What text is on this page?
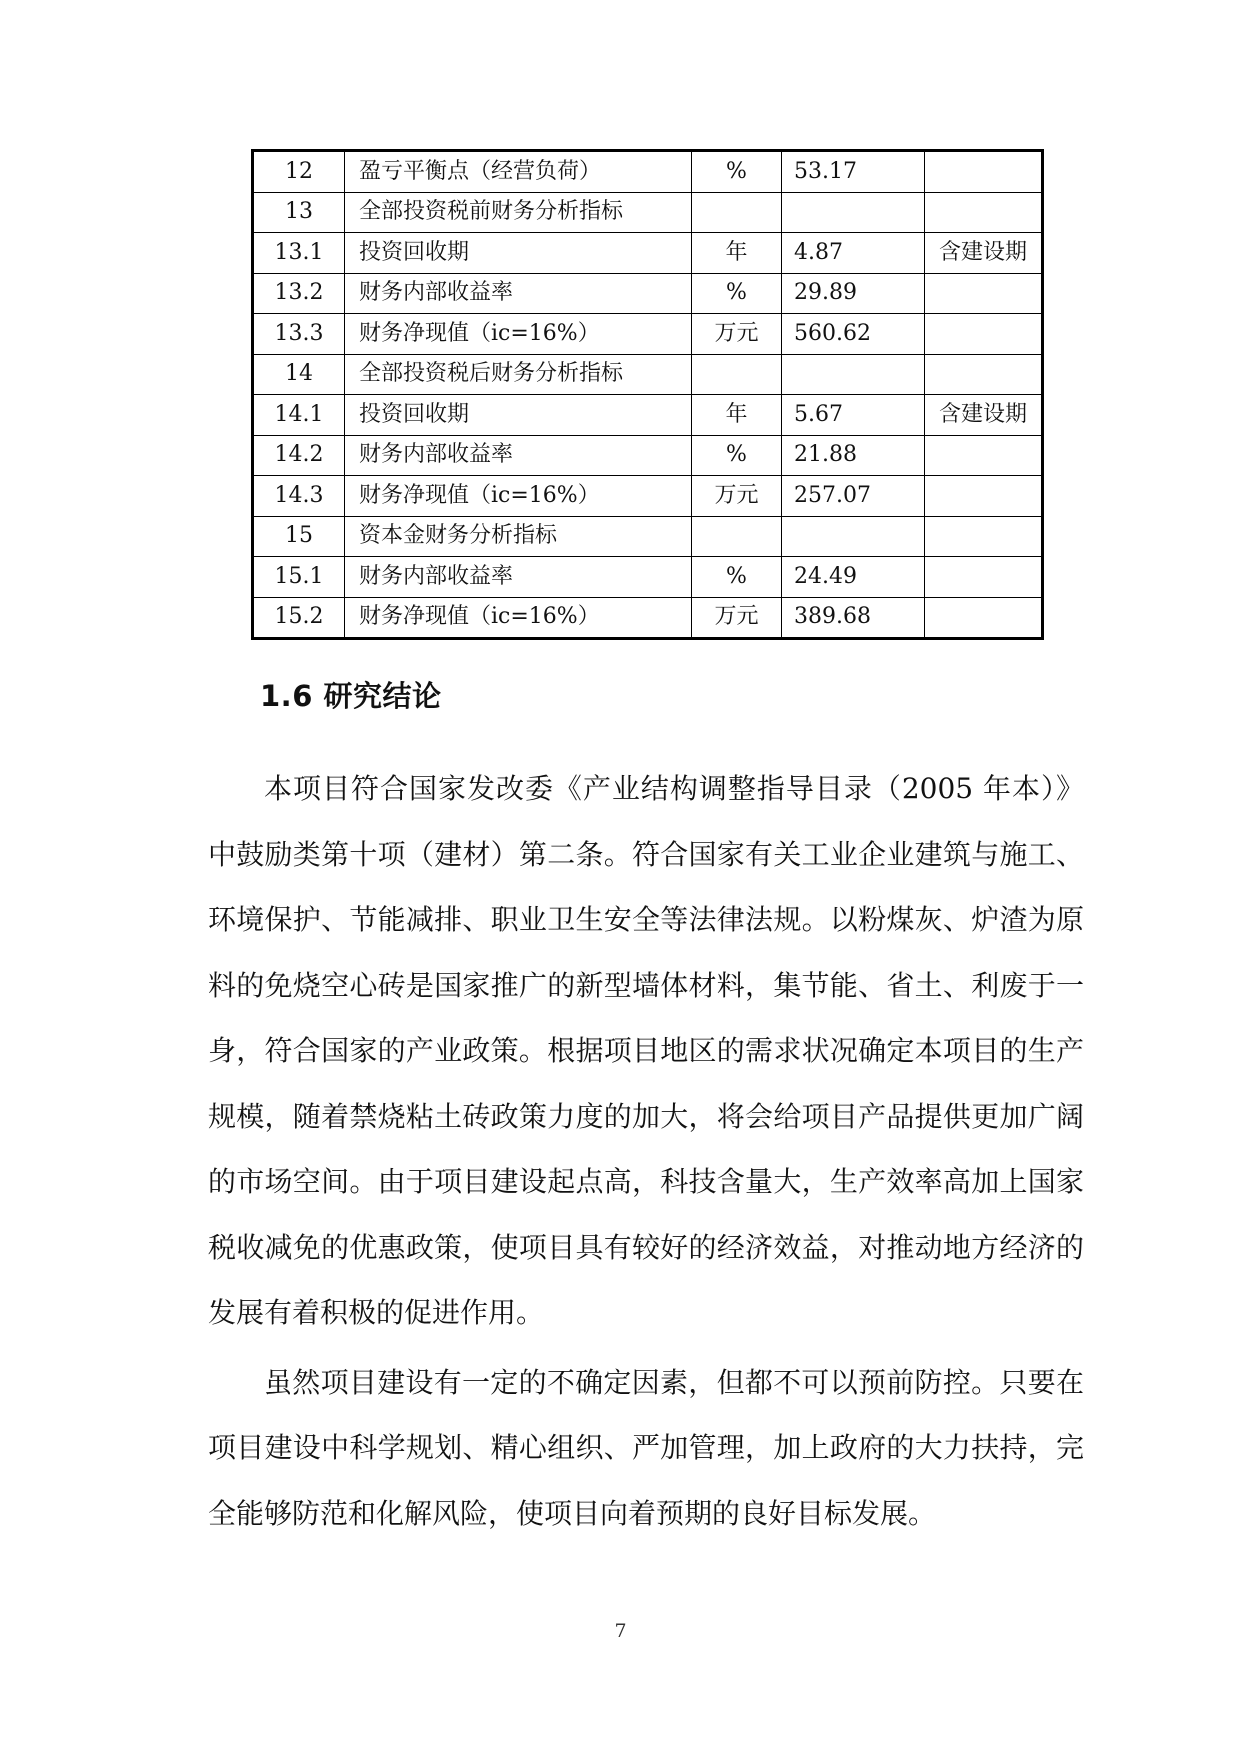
12	盈亏平衡点（经营负荷）	%	53.17	
13	全部投资税前财务分析指标			
13.1	投资回收期	年	4.87	含建设期
13.2	财务内部收益率	%	29.89	
13.3	财务净现值（ic=16%）	万元	560.62	
14	全部投资税后财务分析指标			
14.1	投资回收期	年	5.67	含建设期
14.2	财务内部收益率	%	21.88	
14.3	财务净现值（ic=16%）	万元	257.07	
15	资本金财务分析指标			
15.1	财务内部收益率	%	24.49	
15.2	财务净现值（ic=16%）	万元	389.68	
1.6 研究结论

本项目符合国家发改委《产业结构调整指导目录（2005 年本）》中鼓励类第十项（建材）第二条。符合国家有关工业企业建筑与施工、环境保护、节能减排、职业卫生安全等法律法规。以粉煤灰、炉渣为原料的免烧空心砖是国家推广的新型墙体材料，集节能、省土、利废于一身，符合国家的产业政策。根据项目地区的需求状况确定本项目的生产规模，随着禁烧粘土砖政策力度的加大，将会给项目产品提供更加广阔的市场空间。由于项目建设起点高，科技含量大，生产效率高加上国家税收减免的优惠政策，使项目具有较好的经济效益，对推动地方经济的发展有着积极的促进作用。

虽然项目建设有一定的不确定因素，但都不可以预前防控。只要在项目建设中科学规划、精心组织、严加管理，加上政府的大力扶持，完全能够防范和化解风险，使项目向着预期的良好目标发展。

7
